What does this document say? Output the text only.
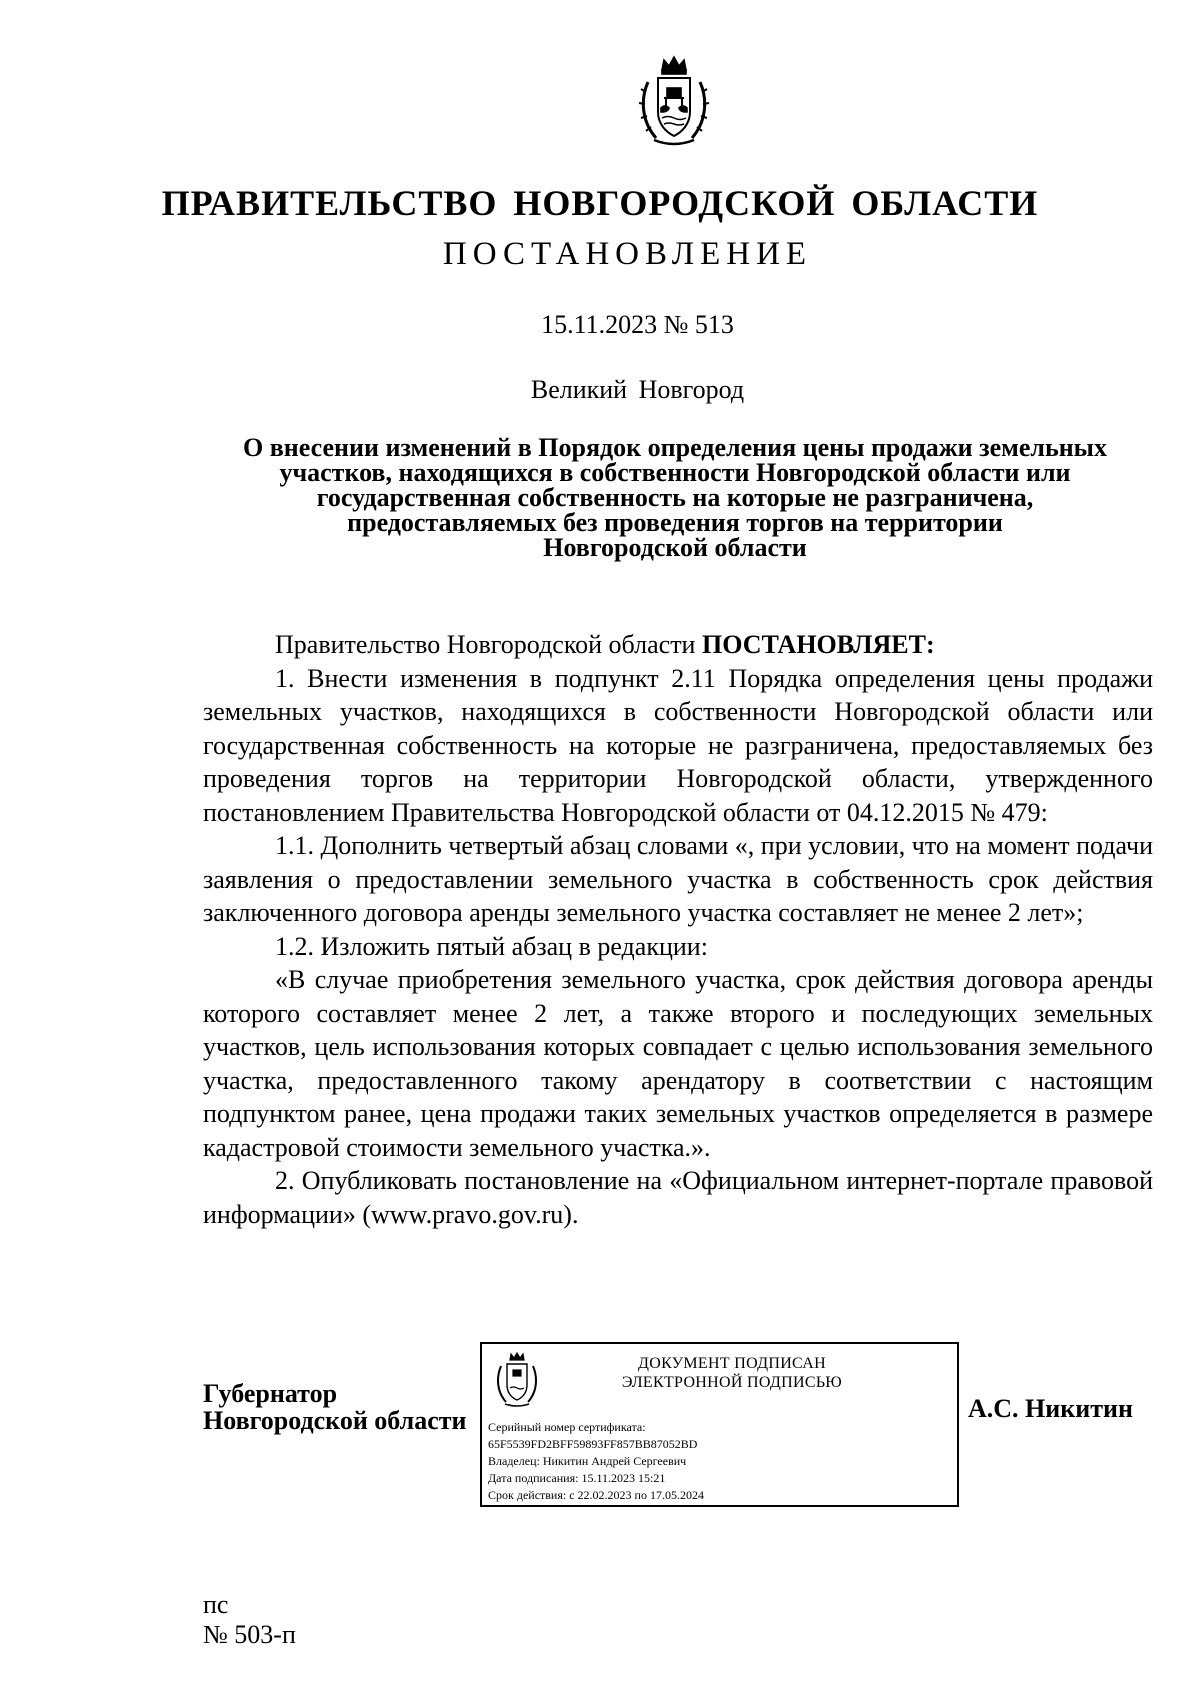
ПРАВИТЕЛЬСТВО НОВГОРОДСКОЙ ОБЛАСТИ
ПОСТАНОВЛЕНИЕ
15.11.2023 № 513
Великий Новгород
О внесении изменений в Порядок определения цены продажи земельных
участков, находящихся в собственности Новгородской области или
государственная собственность на которые не разграничена,
предоставляемых без проведения торгов на территории
Новгородской области

Правительство Новгородской области ПОСТАНОВЛЯЕТ:

1. Внести изменения в подпункт 2.11 Порядка определения цены продажи земельных участков, находящихся в собственности Новгородской области или государственная собственность на которые не разграничена, предоставляемых без проведения торгов на территории Новгородской области, утвержденного постановлением Правительства Новгородской области от 04.12.2015 № 479:

1.1. Дополнить четвертый абзац словами «, при условии, что на момент подачи заявления о предоставлении земельного участка в собственность срок действия заключенного договора аренды земельного участка составляет не менее 2 лет»;

1.2. Изложить пятый абзац в редакции:

«В случае приобретения земельного участка, срок действия договора аренды которого составляет менее 2 лет, а также второго и последующих земельных участков, цель использования которых совпадает с целью использования земельного участка, предоставленного такому арендатору в соответствии с настоящим подпунктом ранее, цена продажи таких земельных участков определяется в размере кадастровой стоимости земельного участка.».

2. Опубликовать постановление на «Официальном интернет-портале правовой информации» (www.pravo.gov.ru).

Губернатор
Новгородской области
ДОКУМЕНТ ПОДПИСАН
ЭЛЕКТРОННОЙ ПОДПИСЬЮ
Серийный номер сертификата:
65F5539FD2BFF59893FF857BB87052BD
Владелец: Никитин Андрей Сергеевич
Дата подписания: 15.11.2023 15:21
Срок действия: с 22.02.2023 по 17.05.2024
А.С. Никитин
пс
№ 503-п
